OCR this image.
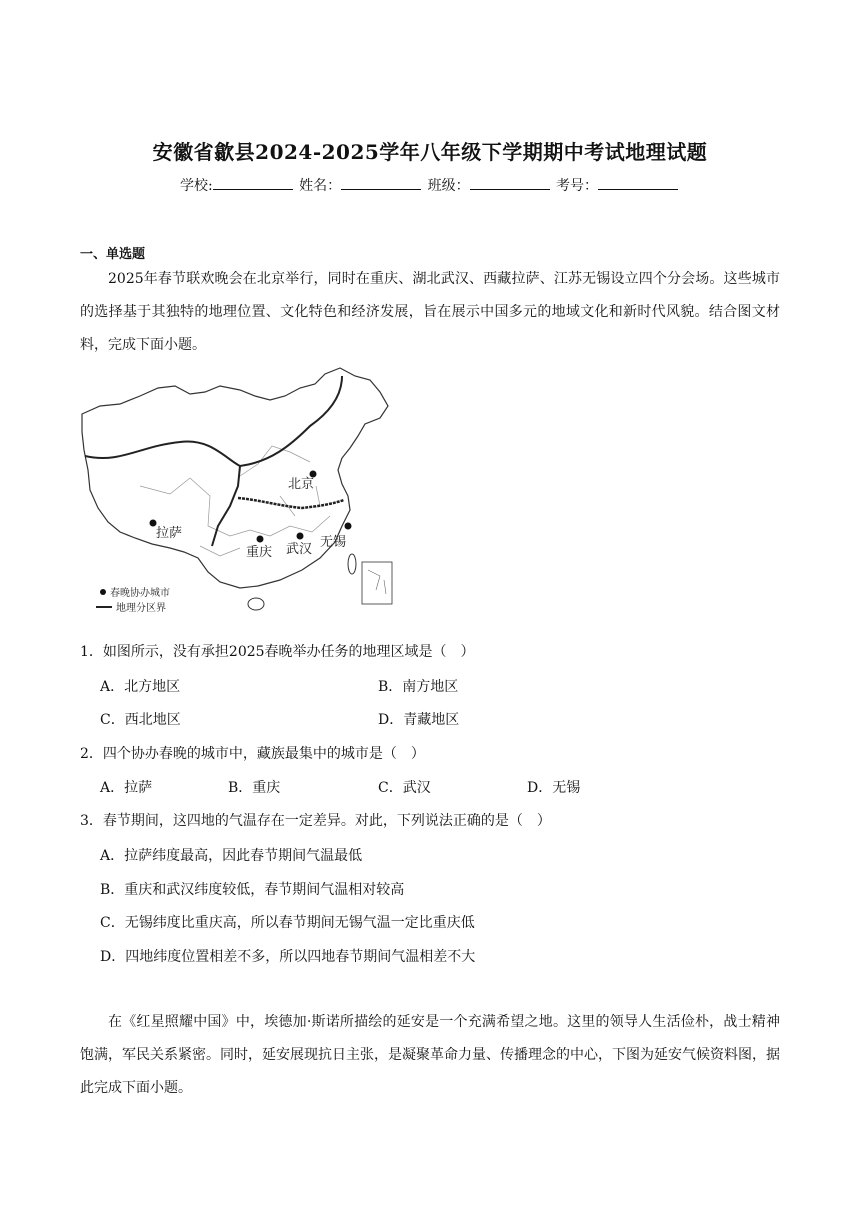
安徽省歙县2024-2025学年八年级下学期期中考试地理试题
学校:	姓名：	班级：	考号：
一、单选题
2025年春节联欢晚会在北京举行，同时在重庆、湖北武汉、西藏拉萨、江苏无锡设立四个分会场。这些城市的选择基于其独特的地理位置、文化特色和经济发展，旨在展示中国多元的地域文化和新时代风貌。结合图文材料，完成下面小题。
北京
拉萨
重庆 武汉 无锡
春晚协办城市
地理分区界
1．如图所示，没有承担2025春晚举办任务的地理区域是（　）
A．北方地区	B．南方地区
C．西北地区	D．青藏地区
2．四个协办春晚的城市中，藏族最集中的城市是（　）
A．拉萨	B．重庆	C．武汉	D．无锡
3．春节期间，这四地的气温存在一定差异。对此，下列说法正确的是（　）
A．拉萨纬度最高，因此春节期间气温最低
B．重庆和武汉纬度较低，春节期间气温相对较高
C．无锡纬度比重庆高，所以春节期间无锡气温一定比重庆低
D．四地纬度位置相差不多，所以四地春节期间气温相差不大
在《红星照耀中国》中，埃德加·斯诺所描绘的延安是一个充满希望之地。这里的领导人生活俭朴，战士精神饱满，军民关系紧密。同时，延安展现抗日主张，是凝聚革命力量、传播理念的中心，下图为延安气候资料图，据此完成下面小题。
